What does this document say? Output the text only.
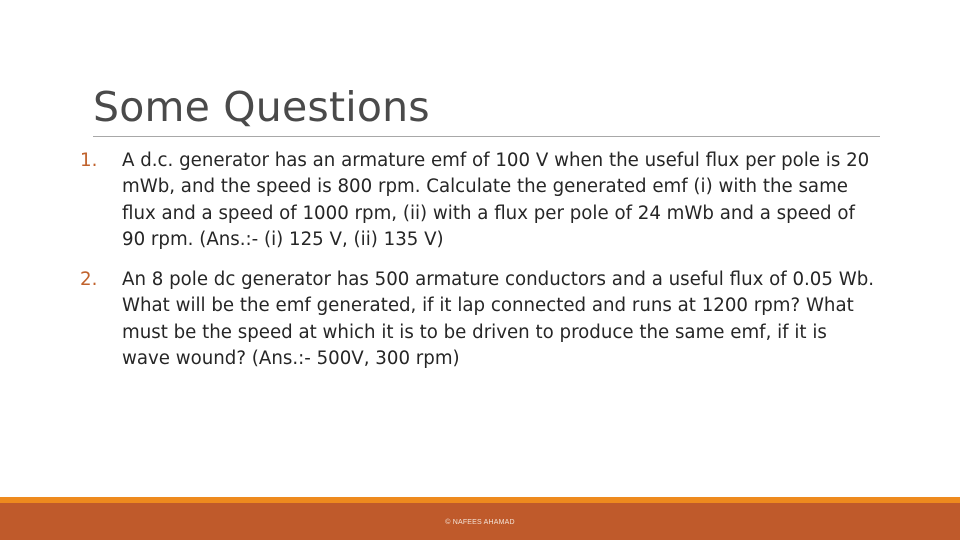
Some Questions
1. A d.c. generator has an armature emf of 100 V when the useful flux per pole is 20 mWb, and the speed is 800 rpm. Calculate the generated emf (i) with the same flux and a speed of 1000 rpm, (ii) with a flux per pole of 24 mWb and a speed of 90 rpm. (Ans.:- (i) 125 V, (ii) 135 V)
2. An 8 pole dc generator has 500 armature conductors and a useful flux of 0.05 Wb. What will be the emf generated, if it lap connected and runs at 1200 rpm? What must be the speed at which it is to be driven to produce the same emf, if it is wave wound? (Ans.:- 500V, 300 rpm)
© NAFEES AHAMAD
